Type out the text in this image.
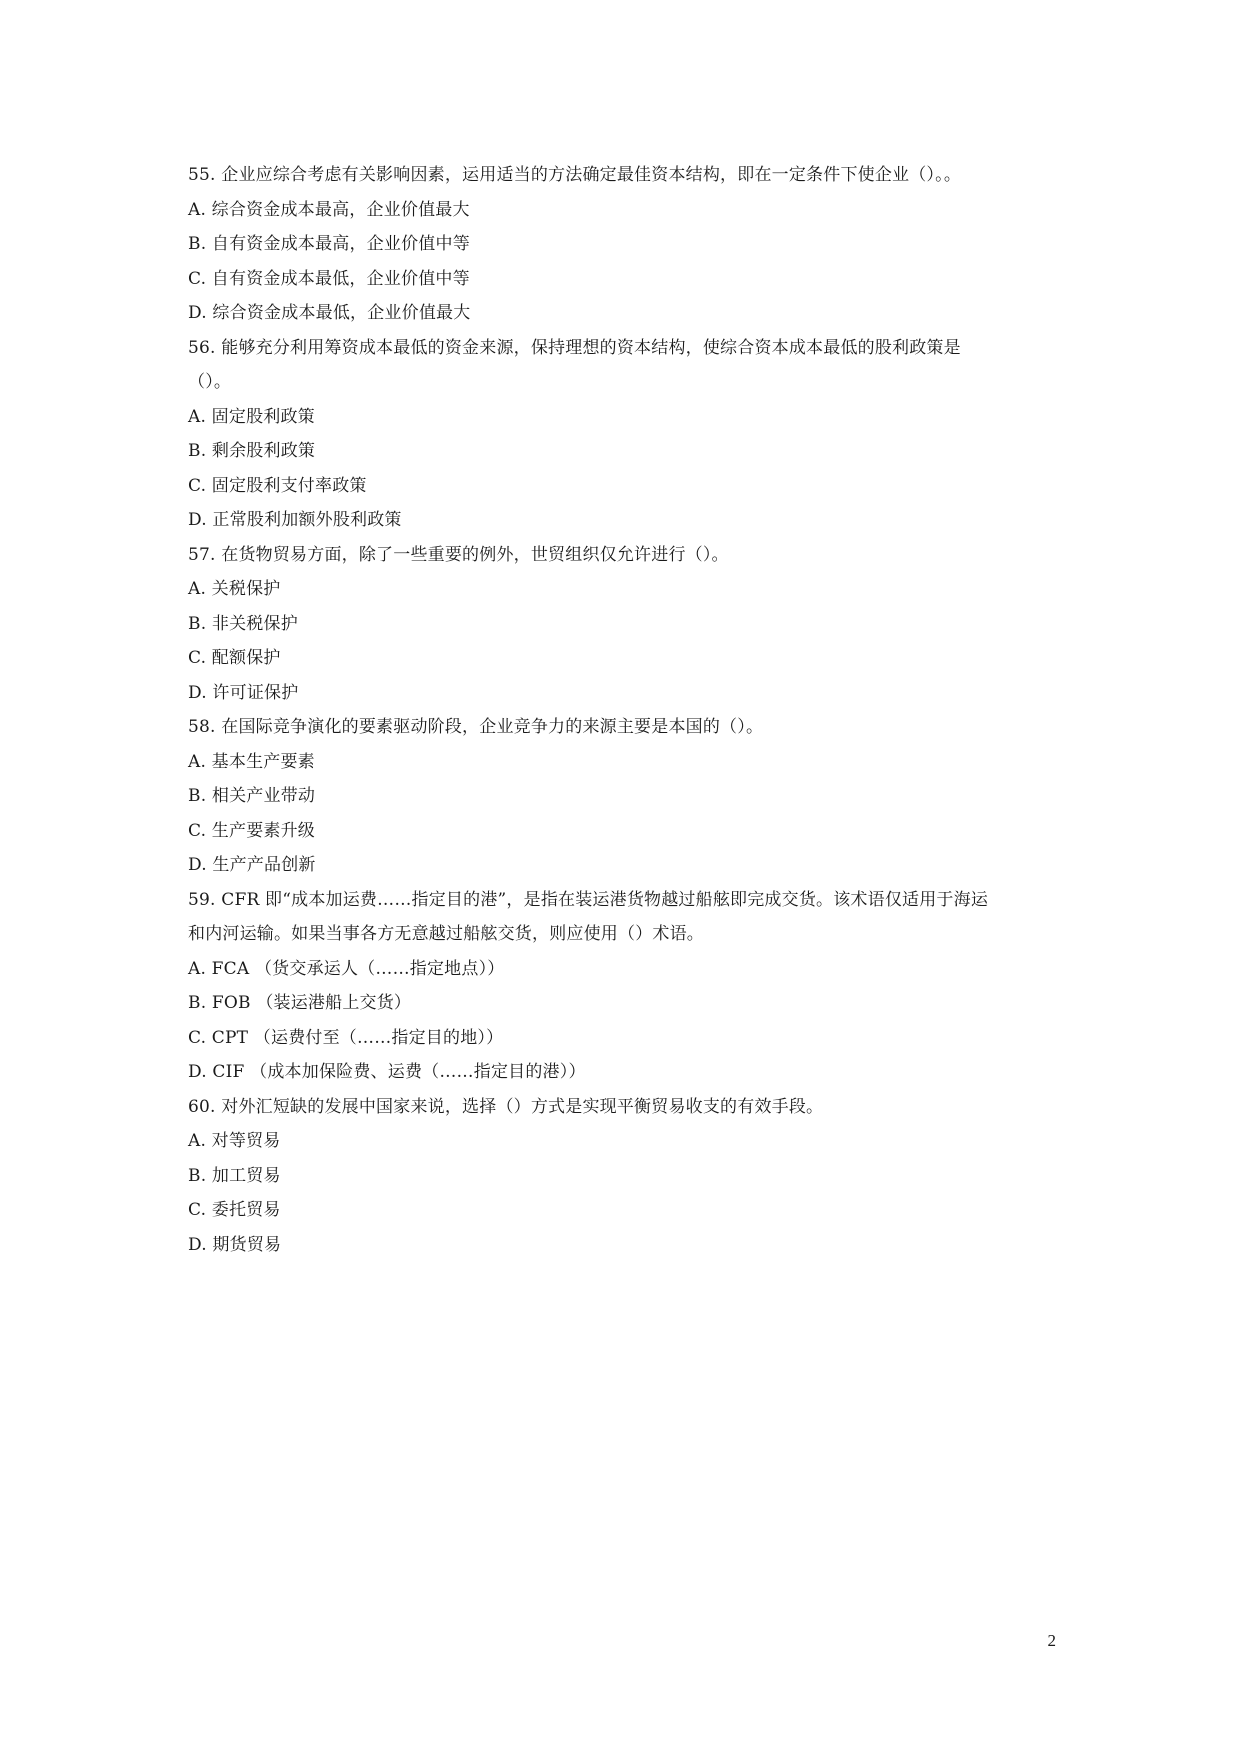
55. 企业应综合考虑有关影响因素，运用适当的方法确定最佳资本结构，即在一定条件下使企业（）。。
A. 综合资金成本最高，企业价值最大
B. 自有资金成本最高，企业价值中等
C. 自有资金成本最低，企业价值中等
D. 综合资金成本最低，企业价值最大
56. 能够充分利用筹资成本最低的资金来源，保持理想的资本结构，使综合资本成本最低的股利政策是
（）。
A. 固定股利政策
B. 剩余股利政策
C. 固定股利支付率政策
D. 正常股利加额外股利政策
57. 在货物贸易方面，除了一些重要的例外，世贸组织仅允许进行（）。
A. 关税保护
B. 非关税保护
C. 配额保护
D. 许可证保护
58. 在国际竞争演化的要素驱动阶段，企业竞争力的来源主要是本国的（）。
A. 基本生产要素
B. 相关产业带动
C. 生产要素升级
D. 生产产品创新
59. CFR 即“成本加运费……指定目的港”，是指在装运港货物越过船舷即完成交货。该术语仅适用于海运
和内河运输。如果当事各方无意越过船舷交货，则应使用（）术语。
A. FCA （货交承运人（……指定地点））
B. FOB （装运港船上交货）
C. CPT （运费付至（……指定目的地））
D. CIF （成本加保险费、运费（……指定目的港））
60. 对外汇短缺的发展中国家来说，选择（）方式是实现平衡贸易收支的有效手段。
A. 对等贸易
B. 加工贸易
C. 委托贸易
D. 期货贸易
2
